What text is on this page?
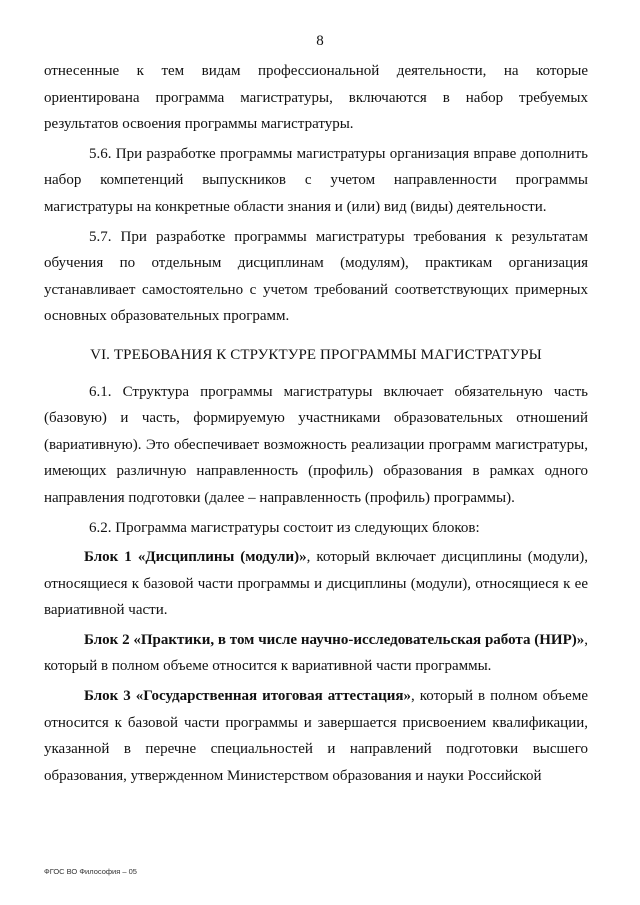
8

отнесенные к тем видам профессиональной деятельности, на которые ориентирована программа магистратуры, включаются в набор требуемых результатов освоения программы магистратуры.

5.6. При разработке программы магистратуры организация вправе дополнить набор компетенций выпускников с учетом направленности программы магистратуры на конкретные области знания и (или) вид (виды) деятельности.

5.7. При разработке программы магистратуры требования к результатам обучения по отдельным дисциплинам (модулям), практикам организация устанавливает самостоятельно с учетом требований соответствующих примерных основных образовательных программ.

VI. ТРЕБОВАНИЯ К СТРУКТУРЕ ПРОГРАММЫ МАГИСТРАТУРЫ

6.1. Структура программы магистратуры включает обязательную часть (базовую) и часть, формируемую участниками образовательных отношений (вариативную). Это обеспечивает возможность реализации программ магистратуры, имеющих различную направленность (профиль) образования в рамках одного направления подготовки (далее – направленность (профиль) программы).

6.2. Программа магистратуры состоит из следующих блоков:

Блок 1 «Дисциплины (модули)», который включает дисциплины (модули), относящиеся к базовой части программы и дисциплины (модули), относящиеся к ее вариативной части.

Блок 2 «Практики, в том числе научно-исследовательская работа (НИР)», который в полном объеме относится к вариативной части программы.

Блок 3 «Государственная итоговая аттестация», который в полном объеме относится к базовой части программы и завершается присвоением квалификации, указанной в перечне специальностей и направлений подготовки высшего образования, утвержденном Министерством образования и науки Российской

ФГОС ВО Философия – 05
